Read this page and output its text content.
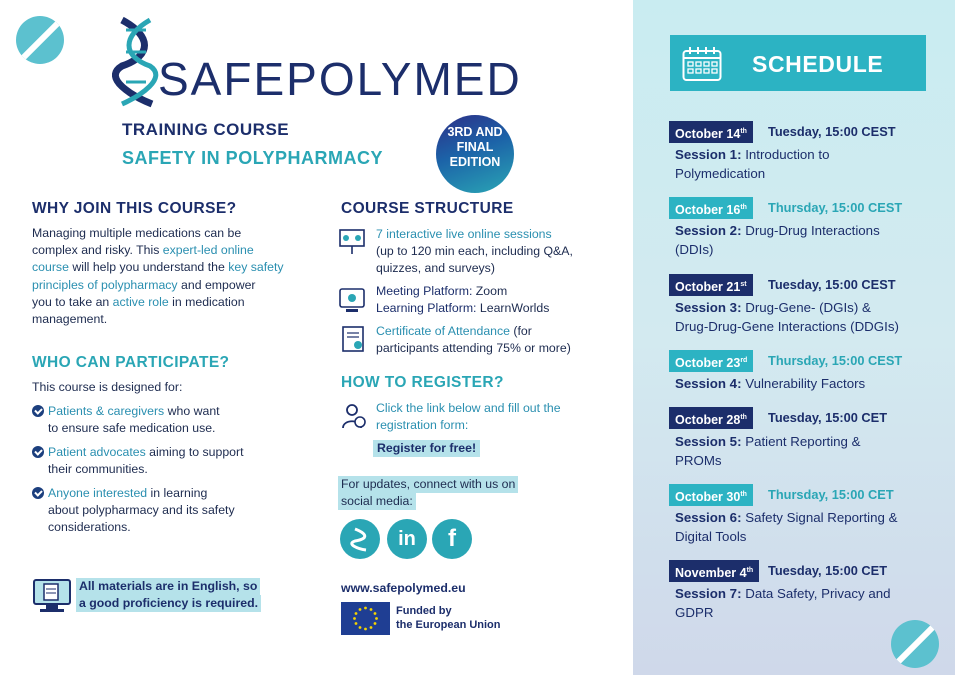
SAFEPOLYMED
TRAINING COURSE
SAFETY IN POLYPHARMACY
3RD AND
FINAL
EDITION
WHY JOIN THIS COURSE?
Managing multiple medications can be
complex and risky. This expert-led online
course will help you understand the key safety
principles of polypharmacy and empower
you to take an active role in medication
management.
WHO CAN PARTICIPATE?
This course is designed for:
Patients & caregivers who want
to ensure safe medication use.
Patient advocates aiming to support
their communities.
Anyone interested in learning
about polypharmacy and its safety
considerations.
All materials are in English, so
a good proficiency is required.
COURSE STRUCTURE
7 interactive live online sessions
(up to 120 min each, including Q&A,
quizzes, and surveys)
Meeting Platform: Zoom
Learning Platform: LearnWorlds
Certificate of Attendance (for
participants attending 75% or more)
HOW TO REGISTER?
Click the link below and fill out the
registration form:
Register for free!
For updates, connect with us on
social media:
in	f
www.safepolymed.eu
Funded by
the European Union
SCHEDULE
October 14th	Tuesday, 15:00 CEST
Session 1: Introduction to
Polymedication
October 16th	Thursday, 15:00 CEST
Session 2: Drug-Drug Interactions
(DDIs)
October 21st	Tuesday, 15:00 CEST
Session 3: Drug-Gene- (DGIs) &
Drug-Drug-Gene Interactions (DDGIs)
October 23rd	Thursday, 15:00 CEST
Session 4: Vulnerability Factors
October 28th	Tuesday, 15:00 CET
Session 5: Patient Reporting &
PROMs
October 30th	Thursday, 15:00 CET
Session 6: Safety Signal Reporting &
Digital Tools
November 4th	Tuesday, 15:00 CET
Session 7: Data Safety, Privacy and
GDPR
